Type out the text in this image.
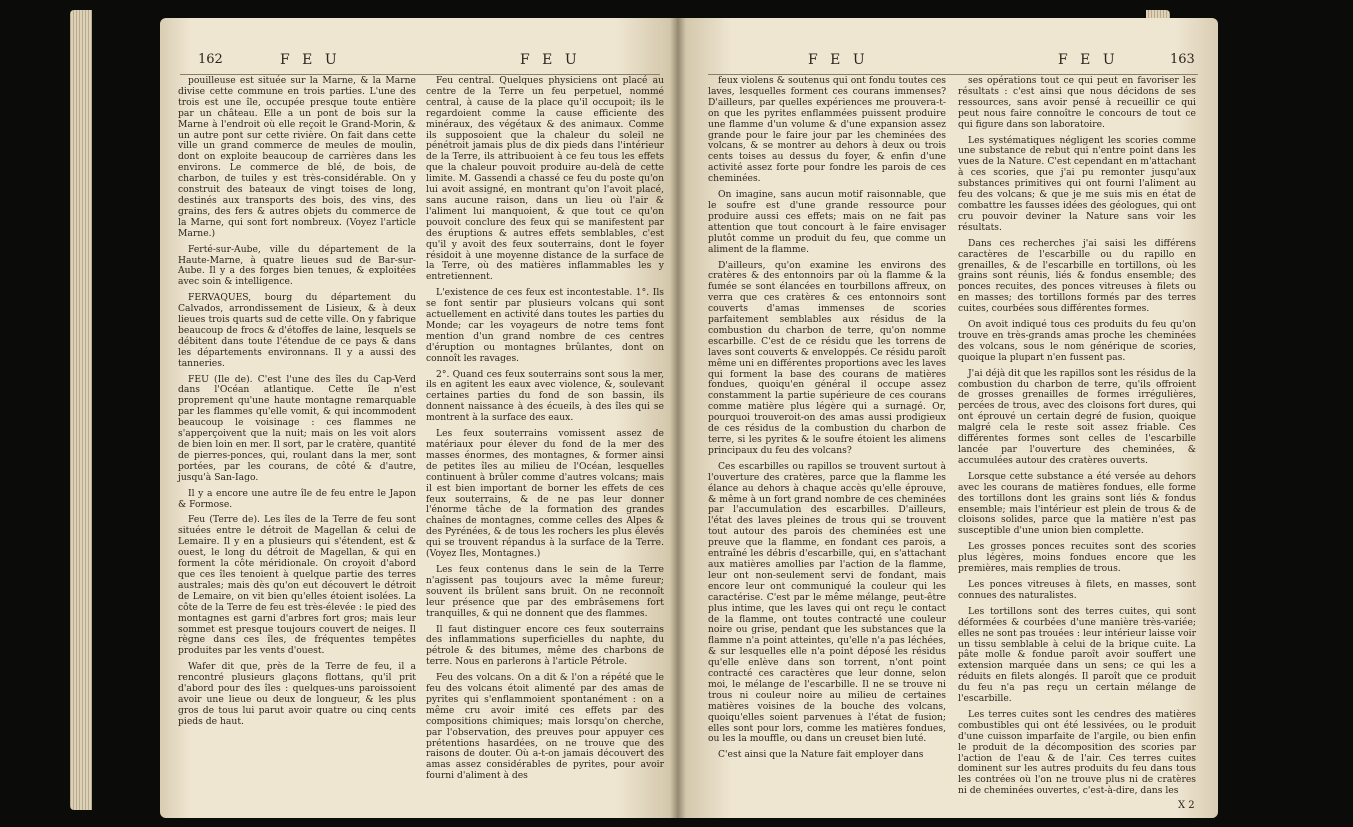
162	F E U	F E U

pouilleuse est située sur la Marne, & la Marne divise cette commune en trois parties. L'une des trois est une île, occupée presque toute entière par un château. Elle a un pont de bois sur la Marne à l'endroit où elle reçoit le Grand-Morin, & un autre pont sur cette rivière. On fait dans cette ville un grand commerce de meules de moulin, dont on exploite beaucoup de carrières dans les environs. Le commerce de blé, de bois, de charbon, de tuiles y est très-considérable. On y construit des bateaux de vingt toises de long, destinés aux transports des bois, des vins, des grains, des fers & autres objets du commerce de la Marne, qui sont fort nombreux. (Voyez l'article Marne.)

Ferté-sur-Aube, ville du département de la Haute-Marne, à quatre lieues sud de Bar-sur-Aube. Il y a des forges bien tenues, & exploitées avec soin & intelligence.

FERVAQUES, bourg du département du Calvados, arrondissement de Lisieux, & à deux lieues trois quarts sud de cette ville. On y fabrique beaucoup de frocs & d'étoffes de laine, lesquels se débitent dans toute l'étendue de ce pays & dans les départements environnans. Il y a aussi des tanneries.

FEU (Ile de). C'est l'une des îles du Cap-Verd dans l'Océan atlantique. Cette île n'est proprement qu'une haute montagne remarquable par les flammes qu'elle vomit, & qui incommodent beaucoup le voisinage : ces flammes ne s'apperçoivent que la nuit; mais on les voit alors de bien loin en mer. Il sort, par le cratère, quantité de pierres-ponces, qui, roulant dans la mer, sont portées, par les courans, de côté & d'autre, jusqu'à San-Iago.

Il y a encore une autre île de feu entre le Japon & Formose.

Feu (Terre de). Les îles de la Terre de feu sont situées entre le détroit de Magellan & celui de Lemaire. Il y en a plusieurs qui s'étendent, est & ouest, le long du détroit de Magellan, & qui en forment la côte méridionale. On croyoit d'abord que ces îles tenoient à quelque partie des terres australes; mais dès qu'on eut découvert le détroit de Lemaire, on vit bien qu'elles étoient isolées. La côte de la Terre de feu est très-élevée : le pied des montagnes est garni d'arbres fort gros; mais leur sommet est presque toujours couvert de neiges. Il règne dans ces îles, de fréquentes tempêtes produites par les vents d'ouest.

Wafer dit que, près de la Terre de feu, il a rencontré plusieurs glaçons flottans, qu'il prit d'abord pour des îles : quelques-uns paroissoient avoir une lieue ou deux de longueur, & les plus gros de tous lui parut avoir quatre ou cinq cents pieds de haut.

Feu central. Quelques physiciens ont placé au centre de la Terre un feu perpetuel, nommé central, à cause de la place qu'il occupoit; ils le regardoient comme la cause efficiente des minéraux, des végétaux & des animaux. Comme ils supposoient que la chaleur du soleil ne pénétroit jamais plus de dix pieds dans l'intérieur de la Terre, ils attribuoient à ce feu tous les effets que la chaleur pouvoit produire au-delà de cette limite. M. Gassendi a chassé ce feu du poste qu'on lui avoit assigné, en montrant qu'on l'avoit placé, sans aucune raison, dans un lieu où l'air & l'aliment lui manquoient, & que tout ce qu'on pouvoit conclure des feux qui se manifestent par des éruptions & autres effets semblables, c'est qu'il y avoit des feux souterrains, dont le foyer résidoit à une moyenne distance de la surface de la Terre, où des matières inflammables les y entretiennent.

L'existence de ces feux est incontestable. 1°. Ils se font sentir par plusieurs volcans qui sont actuellement en activité dans toutes les parties du Monde; car les voyageurs de notre tems font mention d'un grand nombre de ces centres d'éruption ou montagnes brûlantes, dont on connoît les ravages.

2°. Quand ces feux souterrains sont sous la mer, ils en agitent les eaux avec violence, &, soulevant certaines parties du fond de son bassin, ils donnent naissance à des écueils, à des îles qui se montrent à la surface des eaux.

Les feux souterrains vomissent assez de matériaux pour élever du fond de la mer des masses énormes, des montagnes, & former ainsi de petites îles au milieu de l'Océan, lesquelles continuent à brûler comme d'autres volcans; mais il est bien important de borner les effets de ces feux souterrains, & de ne pas leur donner l'énorme tâche de la formation des grandes chaînes de montagnes, comme celles des Alpes & des Pyrénées, & de tous les rochers les plus élevés qui se trouvent répandus à la surface de la Terre. (Voyez Iles, Montagnes.)

Les feux contenus dans le sein de la Terre n'agissent pas toujours avec la même fureur; souvent ils brûlent sans bruit. On ne reconnoît leur présence que par des embrâsemens fort tranquilles, & qui ne donnent que des flammes.

Il faut distinguer encore ces feux souterrains des inflammations superficielles du naphte, du pétrole & des bitumes, même des charbons de terre. Nous en parlerons à l'article Pétrole.

Feu des volcans. On a dit & l'on a répété que le feu des volcans étoit alimenté par des amas de pyrites qui s'enflammoient spontanément : on a même cru avoir imité ces effets par des compositions chimiques; mais lorsqu'on cherche, par l'observation, des preuves pour appuyer ces prétentions hasardées, on ne trouve que des raisons de douter. Où a-t-on jamais découvert des amas assez considérables de pyrites, pour avoir fourni d'aliment à des

F E U	F E U	163

feux violens & soutenus qui ont fondu toutes ces laves, lesquelles forment ces courans immenses? D'ailleurs, par quelles expériences me prouvera-t-on que les pyrites enflammées puissent produire une flamme d'un volume & d'une expansion assez grande pour le faire jour par les cheminées des volcans, & se montrer au dehors à deux ou trois cents toises au dessus du foyer, & enfin d'une activité assez forte pour fondre les parois de ces cheminées.

On imagine, sans aucun motif raisonnable, que le soufre est d'une grande ressource pour produire aussi ces effets; mais on ne fait pas attention que tout concourt à le faire envisager plutôt comme un produit du feu, que comme un aliment de la flamme.

D'ailleurs, qu'on examine les environs des cratères & des entonnoirs par où la flamme & la fumée se sont élancées en tourbillons affreux, on verra que ces cratères & ces entonnoirs sont couverts d'amas immenses de scories parfaitement semblables aux résidus de la combustion du charbon de terre, qu'on nomme escarbille. C'est de ce résidu que les torrens de laves sont couverts & enveloppés. Ce résidu paroît même uni en différentes proportions avec les laves qui forment la base des courans de matières fondues, quoiqu'en général il occupe assez constamment la partie supérieure de ces courans comme matière plus légère qui a surnagé. Or, pourquoi trouveroit-on des amas aussi prodigieux de ces résidus de la combustion du charbon de terre, si les pyrites & le soufre étoient les alimens principaux du feu des volcans?

Ces escarbilles ou rapillos se trouvent surtout à l'ouverture des cratères, parce que la flamme les élance au dehors à chaque accès qu'elle éprouve, & même à un fort grand nombre de ces cheminées par l'accumulation des escarbilles. D'ailleurs, l'état des laves pleines de trous qui se trouvent tout autour des parois des cheminées est une preuve que la flamme, en fondant ces parois, a entraîné les débris d'escarbille, qui, en s'attachant aux matières amollies par l'action de la flamme, leur ont non-seulement servi de fondant, mais encore leur ont communiqué la couleur qui les caractérise. C'est par le même mélange, peut-être plus intime, que les laves qui ont reçu le contact de la flamme, ont toutes contracté une couleur noire ou grise, pendant que les substances que la flamme n'a point atteintes, qu'elle n'a pas léchées, & sur lesquelles elle n'a point déposé les résidus qu'elle enlève dans son torrent, n'ont point contracté ces caractères que leur donne, selon moi, le mélange de l'escarbille. Il ne se trouve ni trous ni couleur noire au milieu de certaines matières voisines de la bouche des volcans, quoiqu'elles soient parvenues à l'état de fusion; elles sont pour lors, comme les matières fondues, ou les la mouffle, ou dans un creuset bien luté.

C'est ainsi que la Nature fait employer dans

ses opérations tout ce qui peut en favoriser les résultats : c'est ainsi que nous décidons de ses ressources, sans avoir pensé à recueillir ce qui peut nous faire connoître le concours de tout ce qui figure dans son laboratoire.

Les systématiques négligent les scories comme une substance de rebut qui n'entre point dans les vues de la Nature. C'est cependant en m'attachant à ces scories, que j'ai pu remonter jusqu'aux substances primitives qui ont fourni l'aliment au feu des volcans; & que je me suis mis en état de combattre les fausses idées des géologues, qui ont cru pouvoir deviner la Nature sans voir les résultats.

Dans ces recherches j'ai saisi les différens caractères de l'escarbille ou du rapillo en grenailles, & de l'escarbille en tortillons, où les grains sont réunis, liés & fondus ensemble; des ponces recuites, des ponces vitreuses à filets ou en masses; des tortillons formés par des terres cuites, courbées sous différentes formes.

On avoit indiqué tous ces produits du feu qu'on trouve en très-grands amas proche les cheminées des volcans, sous le nom générique de scories, quoique la plupart n'en fussent pas.

J'ai déjà dit que les rapillos sont les résidus de la combustion du charbon de terre, qu'ils offroient de grosses grenailles de formes irrégulières, percées de trous, avec des cloisons fort dures, qui ont éprouvé un certain degré de fusion, quoique malgré cela le reste soit assez friable. Ces différentes formes sont celles de l'escarbille lancée par l'ouverture des cheminées, & accumulées autour des cratères ouverts.

Lorsque cette substance a été versée au dehors avec les courans de matières fondues, elle forme des tortillons dont les grains sont liés & fondus ensemble; mais l'intérieur est plein de trous & de cloisons solides, parce que la matière n'est pas susceptible d'une union bien complette.

Les grosses ponces recuites sont des scories plus légères, moins fondues encore que les premières, mais remplies de trous.

Les ponces vitreuses à filets, en masses, sont connues des naturalistes.

Les tortillons sont des terres cuites, qui sont déformées & courbées d'une manière très-variée; elles ne sont pas trouées : leur intérieur laisse voir un tissu semblable à celui de la brique cuite. La pâte molle & fondue paroît avoir souffert une extension marquée dans un sens; ce qui les a réduits en filets alongés. Il paroît que ce produit du feu n'a pas reçu un certain mélange de l'escarbille.

Les terres cuites sont les cendres des matières combustibles qui ont été lessivées, ou le produit d'une cuisson imparfaite de l'argile, ou bien enfin le produit de la décomposition des scories par l'action de l'eau & de l'air. Ces terres cuites dominent sur les autres produits du feu dans tous les contrées où l'on ne trouve plus ni de cratères ni de cheminées ouvertes, c'est-à-dire, dans les

X 2
